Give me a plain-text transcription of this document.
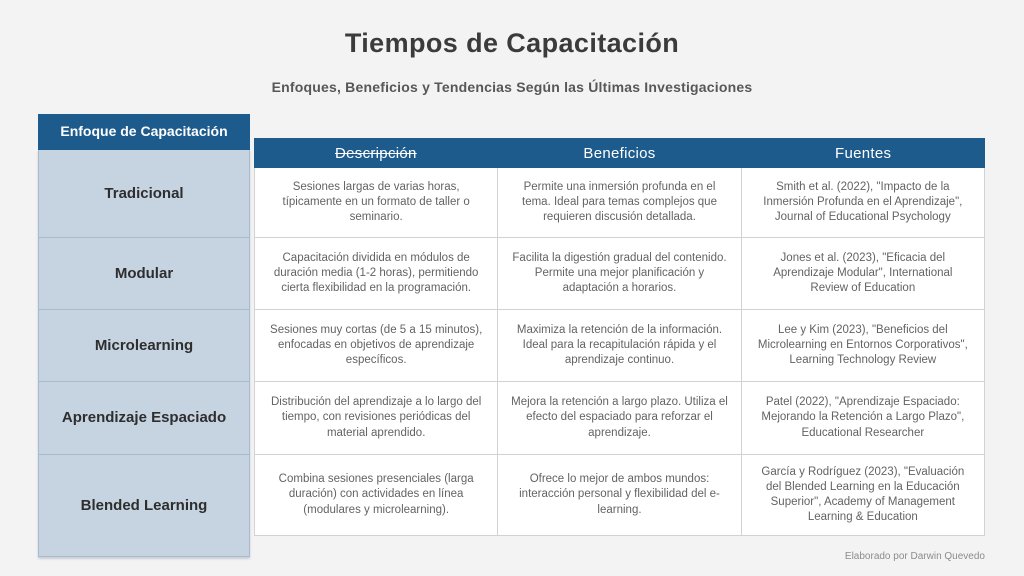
Tiempos de Capacitación
Enfoques, Beneficios y Tendencias Según las Últimas Investigaciones
Enfoque de Capacitación
Tradicional
Modular
Microlearning
Aprendizaje Espaciado
Blended Learning
Descripción	Beneficios	Fuentes
Sesiones largas de varias horas, típicamente en un formato de taller o seminario.
Permite una inmersión profunda en el tema. Ideal para temas complejos que requieren discusión detallada.
Smith et al. (2022), "Impacto de la Inmersión Profunda en el Aprendizaje", Journal of Educational Psychology
Capacitación dividida en módulos de duración media (1-2 horas), permitiendo cierta flexibilidad en la programación.
Facilita la digestión gradual del contenido. Permite una mejor planificación y adaptación a horarios.
Jones et al. (2023), "Eficacia del Aprendizaje Modular", International Review of Education
Sesiones muy cortas (de 5 a 15 minutos), enfocadas en objetivos de aprendizaje específicos.
Maximiza la retención de la información. Ideal para la recapitulación rápida y el aprendizaje continuo.
Lee y Kim (2023), "Beneficios del Microlearning en Entornos Corporativos", Learning Technology Review
Distribución del aprendizaje a lo largo del tiempo, con revisiones periódicas del material aprendido.
Mejora la retención a largo plazo. Utiliza el efecto del espaciado para reforzar el aprendizaje.
Patel (2022), "Aprendizaje Espaciado: Mejorando la Retención a Largo Plazo", Educational Researcher
Combina sesiones presenciales (larga duración) con actividades en línea (modulares y microlearning).
Ofrece lo mejor de ambos mundos: interacción personal y flexibilidad del e-learning.
García y Rodríguez (2023), "Evaluación del Blended Learning en la Educación Superior", Academy of Management Learning & Education
Elaborado por Darwin Quevedo
